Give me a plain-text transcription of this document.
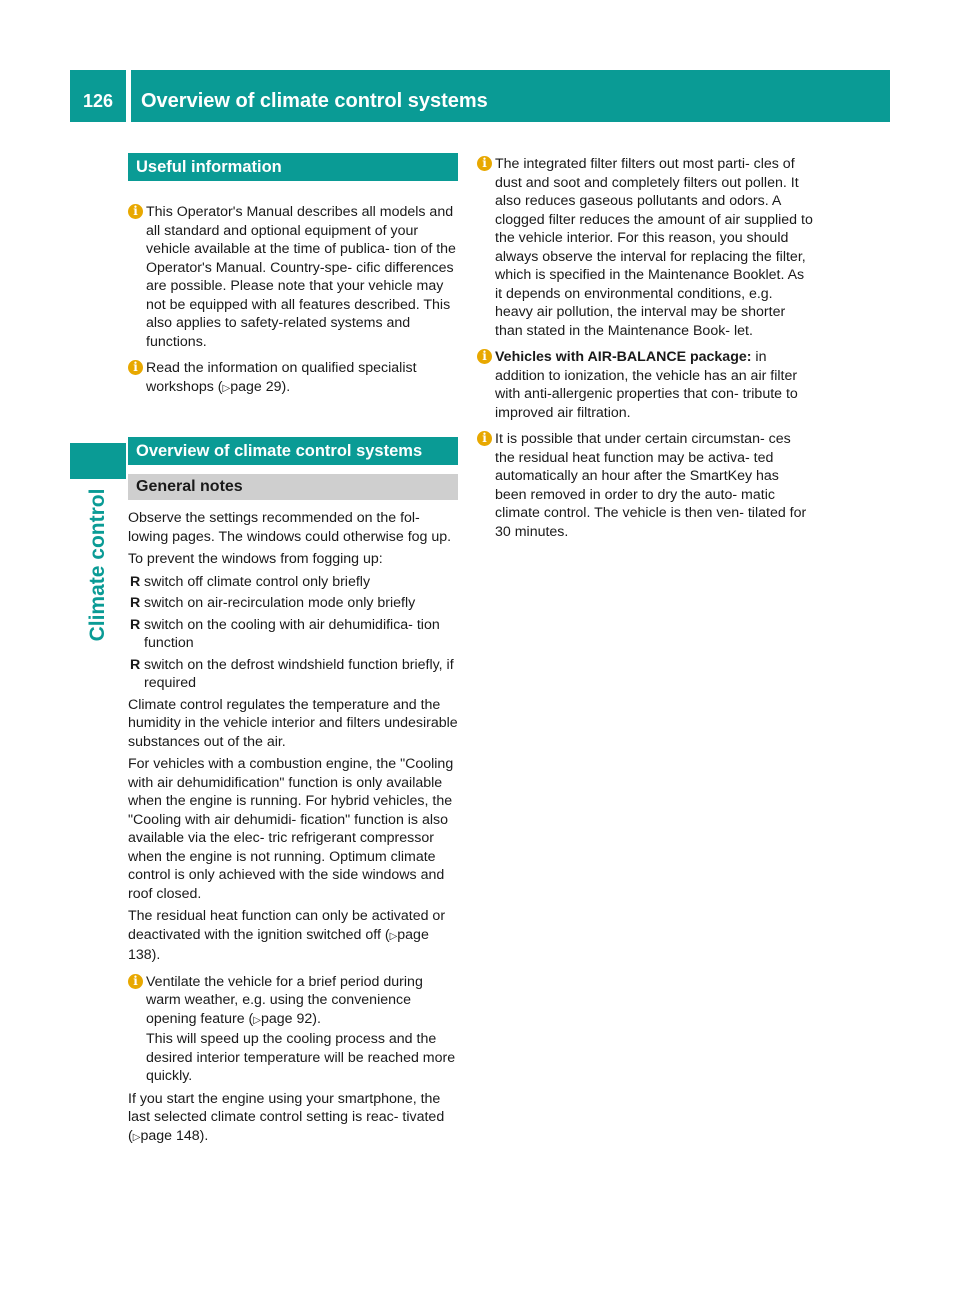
126	Overview of climate control systems
Climate control
Useful information
i This Operator's Manual describes all models and all standard and optional equipment of your vehicle available at the time of publica- tion of the Operator's Manual. Country-spe- cific differences are possible. Please note that your vehicle may not be equipped with all features described. This also applies to safety-related systems and functions.
i Read the information on qualified specialist workshops (▷page 29).
Overview of climate control systems
General notes
Observe the settings recommended on the fol- lowing pages. The windows could otherwise fog up.
To prevent the windows from fogging up:
R switch off climate control only briefly
R switch on air-recirculation mode only briefly
R switch on the cooling with air dehumidifica- tion function
R switch on the defrost windshield function briefly, if required
Climate control regulates the temperature and the humidity in the vehicle interior and filters undesirable substances out of the air.
For vehicles with a combustion engine, the "Cooling with air dehumidification" function is only available when the engine is running. For hybrid vehicles, the "Cooling with air dehumidi- fication" function is also available via the elec- tric refrigerant compressor when the engine is not running. Optimum climate control is only achieved with the side windows and roof closed.
The residual heat function can only be activated or deactivated with the ignition switched off (▷page 138).
i Ventilate the vehicle for a brief period during warm weather, e.g. using the convenience opening feature (▷page 92).
This will speed up the cooling process and the desired interior temperature will be reached more quickly.
If you start the engine using your smartphone, the last selected climate control setting is reac- tivated (▷page 148).
i The integrated filter filters out most parti- cles of dust and soot and completely filters out pollen. It also reduces gaseous pollutants and odors. A clogged filter reduces the amount of air supplied to the vehicle interior. For this reason, you should always observe the interval for replacing the filter, which is specified in the Maintenance Booklet. As it depends on environmental conditions, e.g. heavy air pollution, the interval may be shorter than stated in the Maintenance Book- let.
i Vehicles with AIR-BALANCE package: in addition to ionization, the vehicle has an air filter with anti-allergenic properties that con- tribute to improved air filtration.
i It is possible that under certain circumstan- ces the residual heat function may be activa- ted automatically an hour after the SmartKey has been removed in order to dry the auto- matic climate control. The vehicle is then ven- tilated for 30 minutes.
